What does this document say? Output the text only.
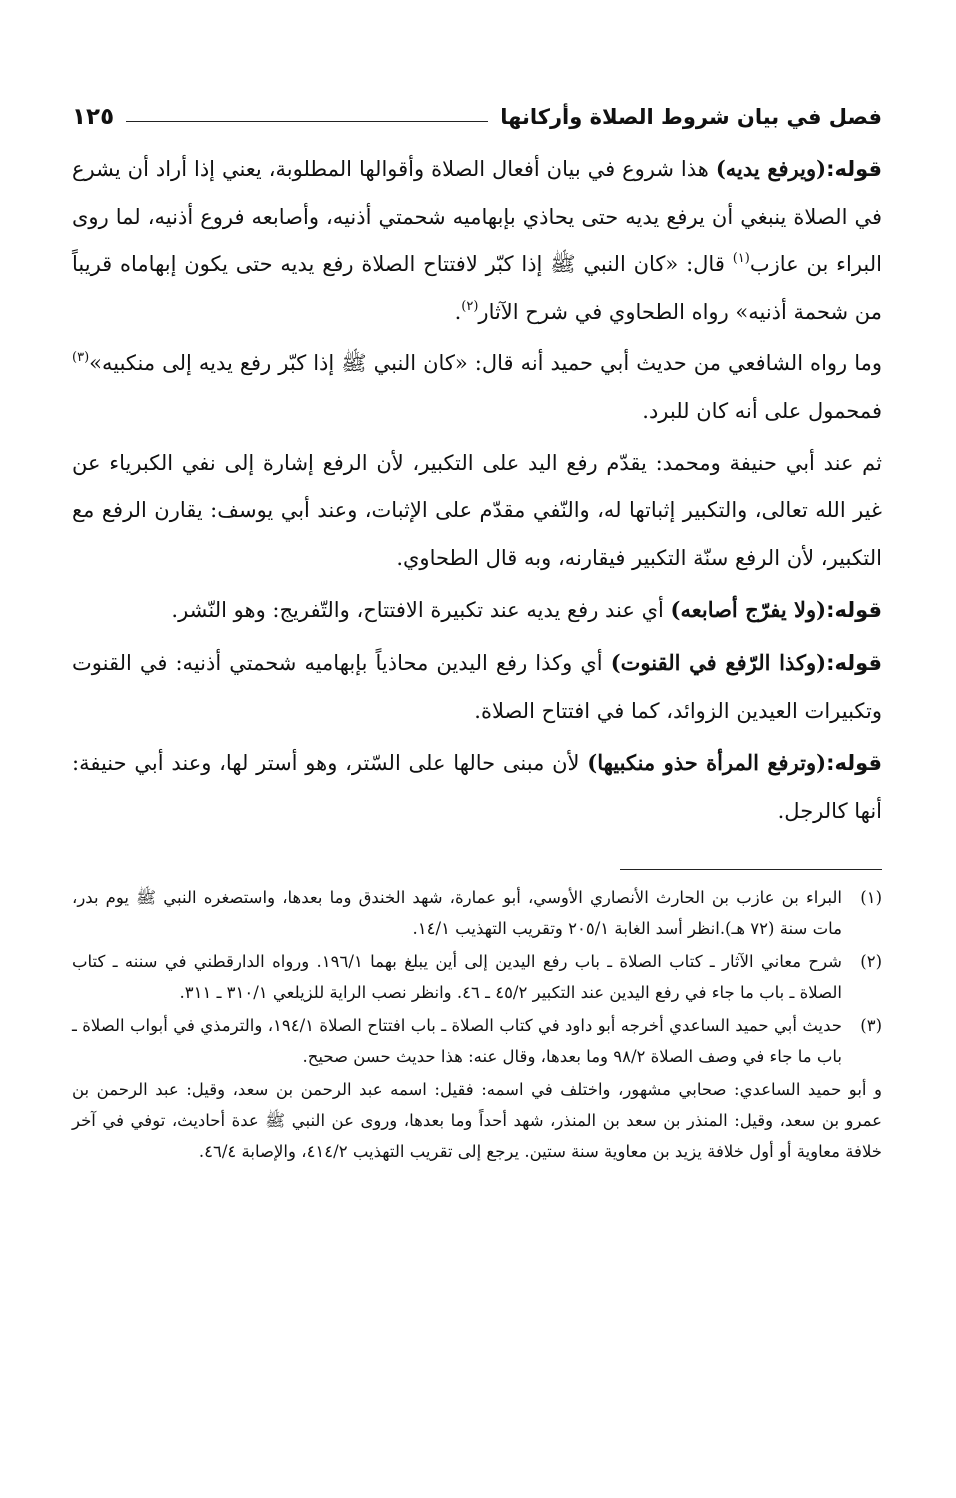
فصل في بيان شروط الصلاة وأركانها
١٢٥

قوله:(ويرفع يديه) هذا شروع في بيان أفعال الصلاة وأقوالها المطلوبة، يعني إذا أراد أن يشرع في الصلاة ينبغي أن يرفع يديه حتى يحاذي بإبهاميه شحمتي أذنيه، وأصابعه فروع أذنيه، لما روى البراء بن عازب$^{(١)}$ قال: «كان النبي ﷺ إذا كبّر لافتتاح الصلاة رفع يديه حتى يكون إبهاماه قريباً من شحمة أذنيه» رواه الطحاوي في شرح الآثار$^{(٢)}$.

وما رواه الشافعي من حديث أبي حميد أنه قال: «كان النبي ﷺ إذا كبّر رفع يديه إلى منكبيه»$^{(٣)}$ فمحمول على أنه كان للبرد.

ثم عند أبي حنيفة ومحمد: يقدّم رفع اليد على التكبير، لأن الرفع إشارة إلى نفي الكبرياء عن غير الله تعالى، والتكبير إثباتها له، والنّفي مقدّم على الإثبات، وعند أبي يوسف: يقارن الرفع مع التكبير، لأن الرفع سنّة التكبير فيقارنه، وبه قال الطحاوي.

قوله:(ولا يفرّج أصابعه) أي عند رفع يديه عند تكبيرة الافتتاح، والتّفريج: وهو النّشر.

قوله:(وكذا الرّفع في القنوت) أي وكذا رفع اليدين محاذياً بإبهاميه شحمتي أذنيه: في القنوت وتكبيرات العيدين الزوائد، كما في افتتاح الصلاة.

قوله:(وترفع المرأة حذو منكبيها) لأن مبنى حالها على السّتر، وهو أستر لها، وعند أبي حنيفة: أنها كالرجل.

(١)
البراء بن عازب بن الحارث الأنصاري الأوسي، أبو عمارة، شهد الخندق وما بعدها، واستصغره النبي ﷺ يوم بدر، مات سنة (٧٢ هـ).انظر أسد الغابة ٢٠٥/١ وتقريب التهذيب ١٤/١.
(٢)
شرح معاني الآثار ـ كتاب الصلاة ـ باب رفع اليدين إلى أين يبلغ بهما ١٩٦/١. ورواه الدارقطني في سننه ـ كتاب الصلاة ـ باب ما جاء في رفع اليدين عند التكبير ٤٥/٢ ـ ٤٦. وانظر نصب الراية للزيلعي ٣١٠/١ ـ ٣١١.
(٣)
حديث أبي حميد الساعدي أخرجه أبو داود في كتاب الصلاة ـ باب افتتاح الصلاة ١٩٤/١، والترمذي في أبواب الصلاة ـ باب ما جاء في وصف الصلاة ٩٨/٢ وما بعدها، وقال عنه: هذا حديث حسن صحيح.

و أبو حميد الساعدي: صحابي مشهور، واختلف في اسمه: فقيل: اسمه عبد الرحمن بن سعد، وقيل: عبد الرحمن بن عمرو بن سعد، وقيل: المنذر بن سعد بن المنذر، شهد أحداً وما بعدها، وروى عن النبي ﷺ عدة أحاديث، توفي في آخر خلافة معاوية أو أول خلافة يزيد بن معاوية سنة ستين. يرجع إلى تقريب التهذيب ٤١٤/٢، والإصابة ٤٦/٤.
